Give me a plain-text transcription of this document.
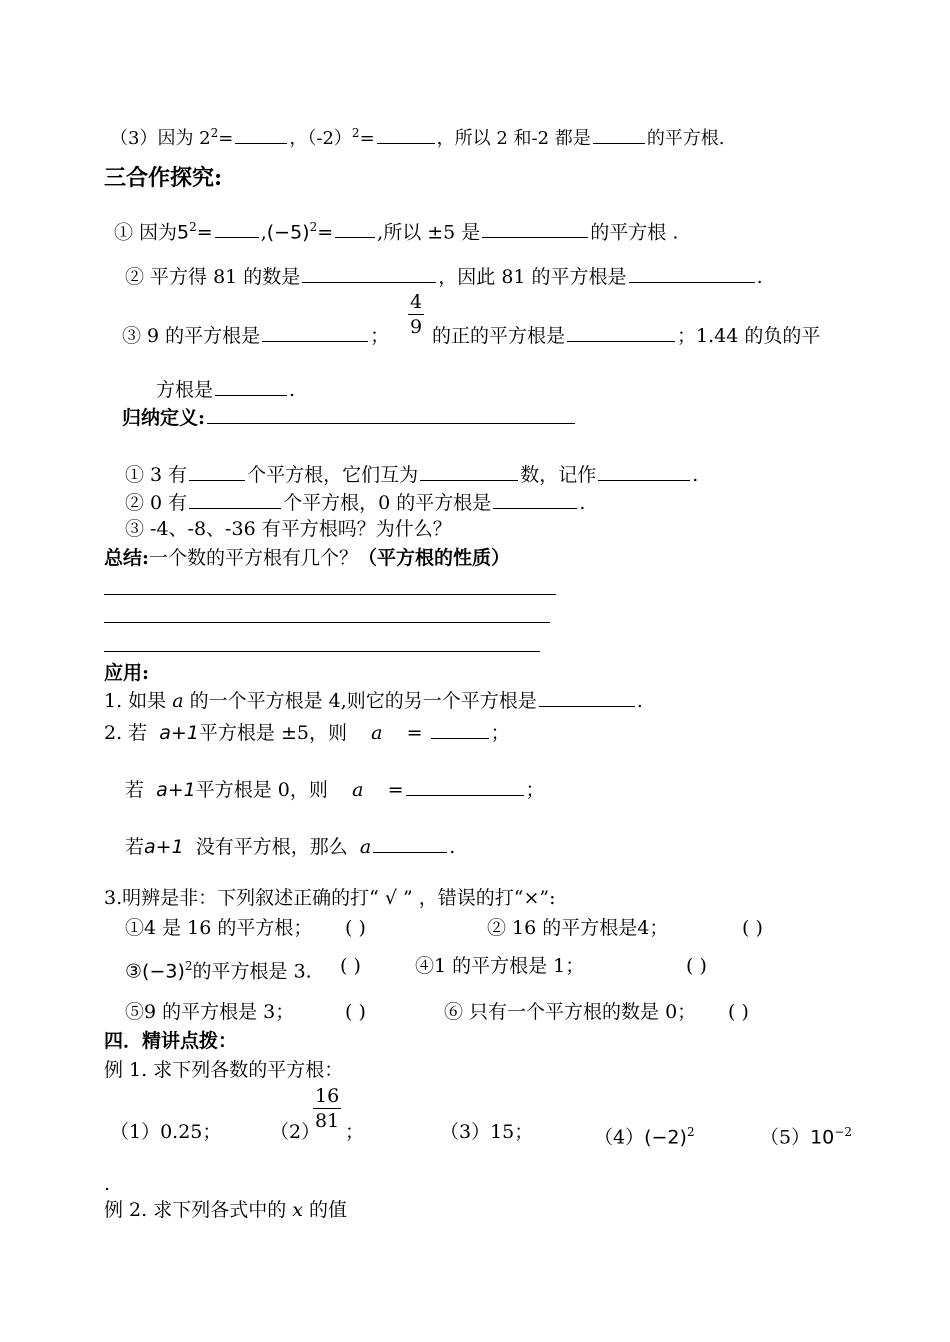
（3）因为 $2^2=$	，$(-2)^2=$	，所以 2 和-2 都是	的平方根.
三合作探究:
① 因为$5^2=$	$,(-5)^2=$ ,所以 ±5 是	的平方根 .
② 平方得 81 的数是	，因此 81 的平方根是	.
③ 9 的平方根是	； $\frac{4}{9}$ 的正的平方根是	；1.44 的负的平
方根是	.
归纳定义:
① 3 有	个平方根，它们互为	数，记作	.
② 0 有	个平方根，0 的平方根是	.
③ -4、-8、-36 有平方根吗？为什么？
总结:一个数的平方根有几个？（平方根的性质）
应用:
1. 如果 a 的一个平方根是 4,则它的另一个平方根是	.
2. 若 a+1平方根是 ±5，则 a =	；
若 a+1平方根是 0，则 a =	；
若a+1 没有平方根，那么 a	.
3.明辨是非：下列叙述正确的打“ √ ” ，错误的打“×”:
①4 是 16 的平方根； ( )	② 16 的平方根是4；	( )
$③(-3)^2$的平方根是 3. ( )	④1 的平方根是 1；	( )
⑤9 的平方根是 3；	( )	⑥ 只有一个平方根的数是 0； ( )
四．精讲点拨：
例 1. 求下列各数的平方根：
（1）0.25；	（2）
$\frac{16}{81}$ ；	（3）15；	$(4)(-2)^2$	$(5)10^{-2}$
.
例 2. 求下列各式中的 x 的值
